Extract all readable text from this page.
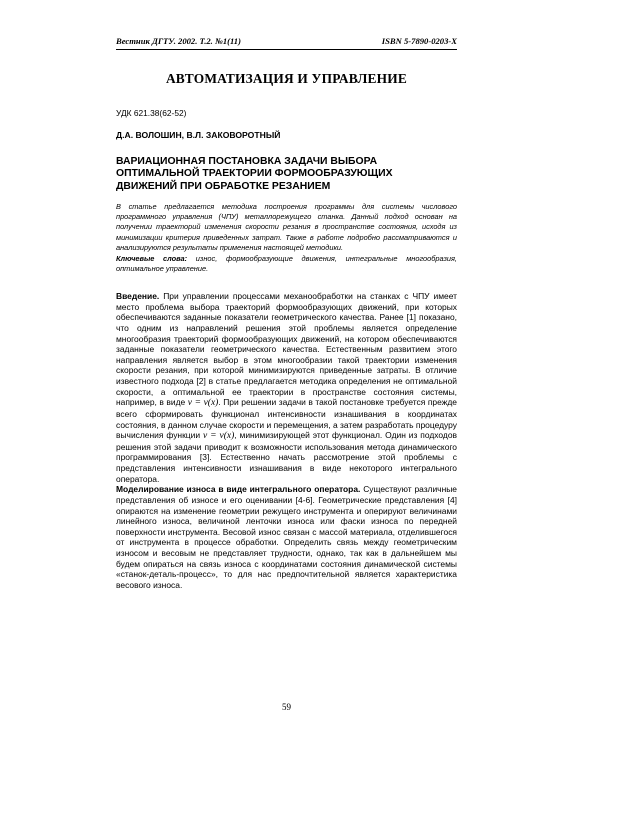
Вестник ДГТУ. 2002. Т.2. №1(11)	ISBN 5-7890-0203-X
АВТОМАТИЗАЦИЯ И УПРАВЛЕНИЕ
УДК 621.38(62-52)
Д.А. ВОЛОШИН, В.Л. ЗАКОВОРОТНЫЙ
ВАРИАЦИОННАЯ ПОСТАНОВКА ЗАДАЧИ ВЫБОРА ОПТИМАЛЬНОЙ ТРАЕКТОРИИ ФОРМООБРАЗУЮЩИХ ДВИЖЕНИЙ ПРИ ОБРАБОТКЕ РЕЗАНИЕМ
В статье предлагается методика построения программы для системы числового программного управления (ЧПУ) металлорежущего станка. Данный подход основан на получении траекторий изменения скорости резания в пространстве состояния, исходя из минимизации критерия приведенных затрат. Также в работе подробно рассматриваются и анализируются результаты применения настоящей методики.
Ключевые слова: износ, формообразующие движения, интегральные многообразия, оптимальное управление.

Введение. При управлении процессами механообработки на станках с ЧПУ имеет место проблема выбора траекторий формообразующих движений, при которых обеспечиваются заданные показатели геометрического качества. Ранее [1] показано, что одним из направлений решения этой проблемы является определение многообразия траекторий формообразующих движений, на котором обеспечиваются заданные показатели геометрического качества. Естественным развитием этого направления является выбор в этом многообразии такой траектории изменения скорости резания, при которой минимизируются приведенные затраты. В отличие известного подхода [2] в статье предлагается методика определения не оптимальной скорости, а оптимальной ее траектории в пространстве состояния системы, например, в виде v = v(x). При решении задачи в такой постановке требуется прежде всего сформировать функционал интенсивности изнашивания в координатах состояния, в данном случае скорости и перемещения, а затем разработать процедуру вычисления функции v = v(x), минимизирующей этот функционал. Один из подходов решения этой задачи приводит к возможности использования метода динамического программирования [3]. Естественно начать рассмотрение этой проблемы с представления интенсивности изнашивания в виде некоторого интегрального оператора.

Моделирование износа в виде интегрального оператора. Существуют различные представления об износе и его оценивании [4-6]. Геометрические представления [4] опираются на изменение геометрии режущего инструмента и оперируют величинами линейного износа, величиной ленточки износа или фаски износа по передней поверхности инструмента. Весовой износ связан с массой материала, отделившегося от инструмента в процессе обработки. Определить связь между геометрическим износом и весовым не представляет трудности, однако, так как в дальнейшем мы будем опираться на связь износа с координатами состояния динамической системы «станок-деталь-процесс», то для нас предпочтительной является характеристика весового износа.

59
